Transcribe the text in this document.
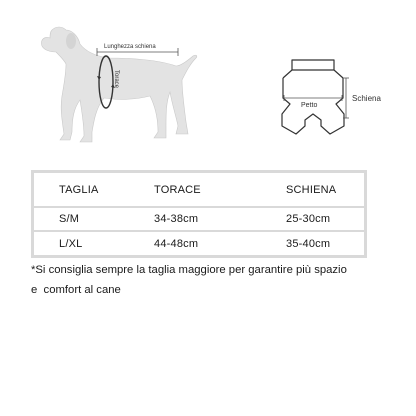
Lunghezza schiena
Torace
Petto
Schiena
TAGLIA	TORACE	SCHIENA
S/M	34-38cm	25-30cm
L/XL	44-48cm	35-40cm
*Si consiglia sempre la taglia maggiore per garantire più spazio
e  comfort al cane
